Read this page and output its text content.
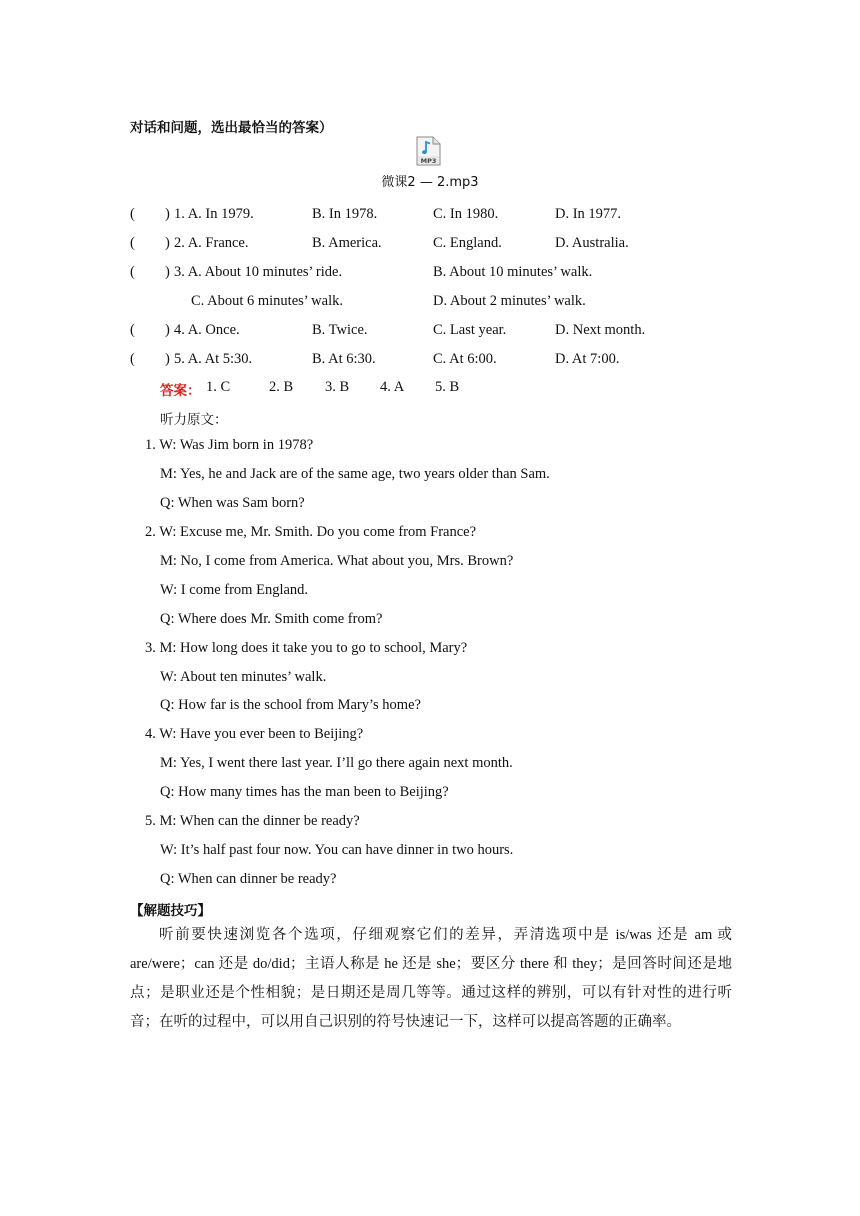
对话和问题，选出最恰当的答案）
MP3
微课2 — 2.mp3
( ) 1. A. In 1979.	B. In 1978.	C. In 1980.	D. In 1977.
( ) 2. A. France.	B. America.	C. England.	D. Australia.
( ) 3. A. About 10 minutes’ ride.	B. About 10 minutes’ walk.
C. About 6 minutes’ walk.	D. About 2 minutes’ walk.
( ) 4. A. Once.	B. Twice.	C. Last year.	D. Next month.
( ) 5. A. At 5:30.	B. At 6:30.	C. At 6:00.	D. At 7:00.
答案： 1. C	2. B 3. B 4. A 5. B
听力原文：
1. W: Was Jim born in 1978?
M: Yes, he and Jack are of the same age, two years older than Sam.
Q: When was Sam born?
2. W: Excuse me, Mr. Smith. Do you come from France?
M: No, I come from America. What about you, Mrs. Brown?
W: I come from England.
Q: Where does Mr. Smith come from?
3. M: How long does it take you to go to school, Mary?
W: About ten minutes’ walk.
Q: How far is the school from Mary’s home?
4. W: Have you ever been to Beijing?
M: Yes, I went there last year. I’ll go there again next month.
Q: How many times has the man been to Beijing?
5. M: When can the dinner be ready?
W: It’s half past four now. You can have dinner in two hours.
Q: When can dinner be ready?
【解题技巧】
听前要快速浏览各个选项，仔细观察它们的差异，弄清选项中是 is/was 还是 am 或 are/were；can 还是 do/did；主语人称是 he 还是 she；要区分 there 和 they；是回答时间还是地点；是职业还是个性相貌；是日期还是周几等等。通过这样的辨别，可以有针对性的进行听音；在听的过程中，可以用自己识别的符号快速记一下，这样可以提高答题的正确率。
